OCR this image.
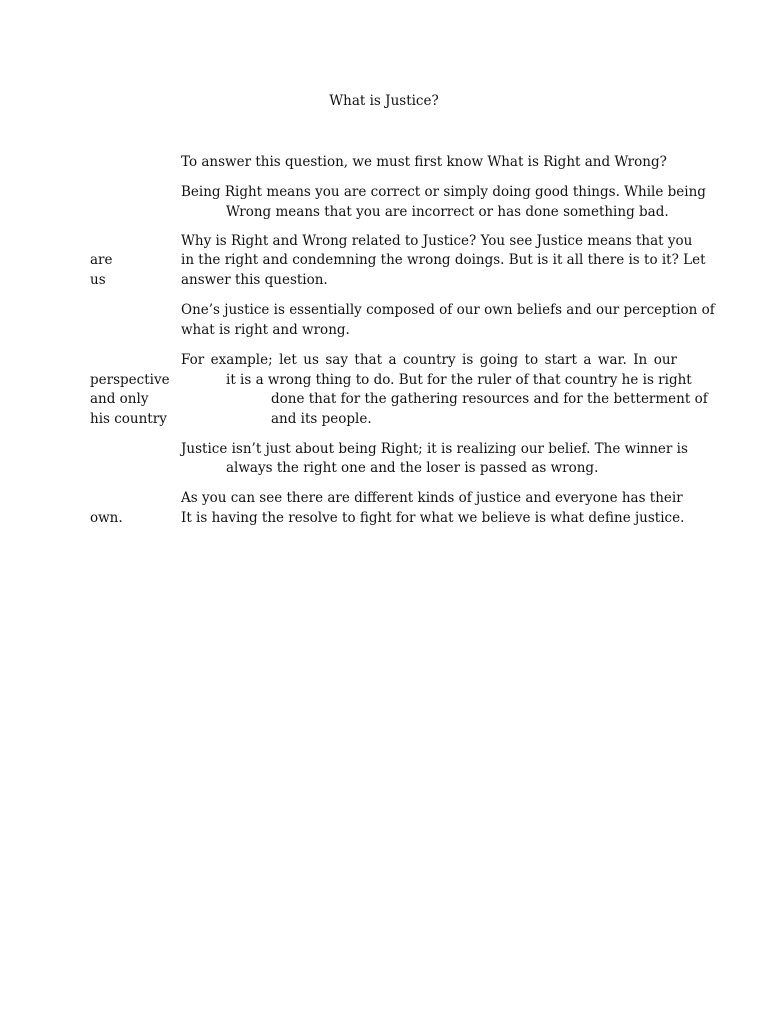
What is Justice?
To answer this question, we must first know What is Right and Wrong?
Being Right means you are correct or simply doing good things. While being
Wrong means that you are incorrect or has done something bad.
Why is Right and Wrong related to Justice? You see Justice means that you
are	in the right and condemning the wrong doings. But is it all there is to it? Let
us	answer this question.
One’s justice is essentially composed of our own beliefs and our perception of
what is right and wrong.
For example; let us say that a country is going to start a war. In our
perspective	it is a wrong thing to do. But for the ruler of that country he is right
and only	done that for the gathering resources and for the betterment of
his country	and its people.
Justice isn’t just about being Right; it is realizing our belief. The winner is
always the right one and the loser is passed as wrong.
As you can see there are different kinds of justice and everyone has their
own.	It is having the resolve to fight for what we believe is what define justice.
